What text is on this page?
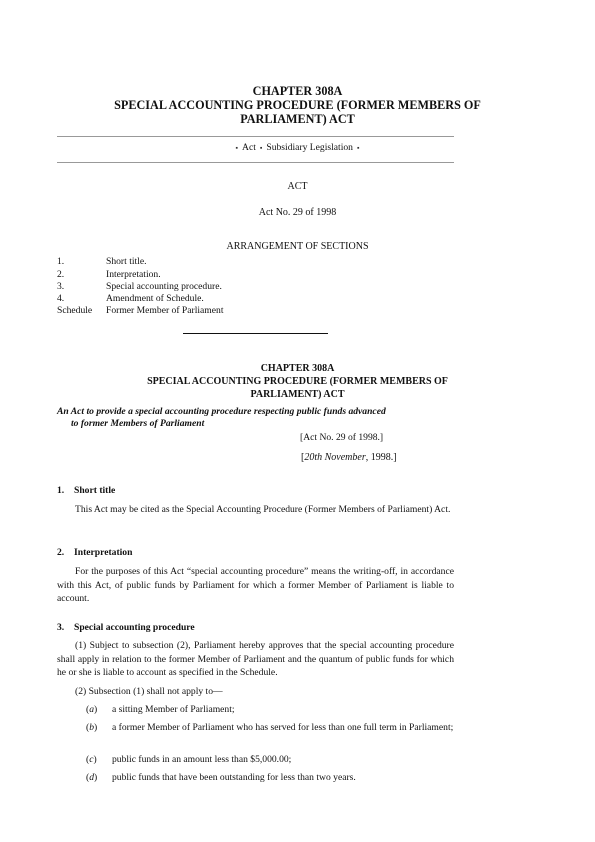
CHAPTER 308A
SPECIAL ACCOUNTING PROCEDURE (FORMER MEMBERS OF
PARLIAMENT) ACT
▪ Act ▪ Subsidiary Legislation ▪
ACT
Act No. 29 of 1998
ARRANGEMENT OF SECTIONS
1.	Short title.
2.	Interpretation.
3.	Special accounting procedure.
4.	Amendment of Schedule.
Schedule Former Member of Parliament
CHAPTER 308A
SPECIAL ACCOUNTING PROCEDURE (FORMER MEMBERS OF
PARLIAMENT) ACT
An Act to provide a special accounting procedure respecting public funds advanced
to former Members of Parliament
[Act No. 29 of 1998.]
[20th November, 1998.]
1. Short title
This Act may be cited as the Special Accounting Procedure (Former Members of Parliament) Act.
2. Interpretation
For the purposes of this Act “special accounting procedure” means the writing-off, in accordance with this Act, of public funds by Parliament for which a former Member of Parliament is liable to account.
3. Special accounting procedure
(1) Subject to subsection (2), Parliament hereby approves that the special accounting procedure shall apply in relation to the former Member of Parliament and the quantum of public funds for which he or she is liable to account as specified in the Schedule.
(2) Subsection (1) shall not apply to—
(a) a sitting Member of Parliament;
(b) a former Member of Parliament who has served for less than one full term in Parliament;
(c) public funds in an amount less than $5,000.00;
(d) public funds that have been outstanding for less than two years.
